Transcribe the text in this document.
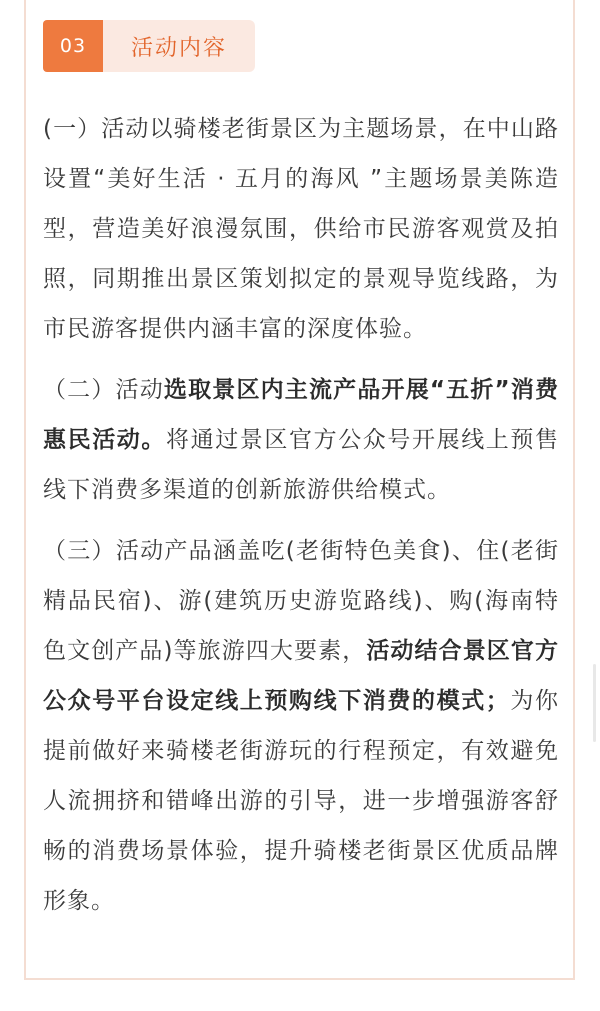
03	活动内容

(一）活动以骑楼老街景区为主题场景，在中山路设置“美好生活 · 五月的海风 ”主题场景美陈造型，营造美好浪漫氛围，供给市民游客观赏及拍照，同期推出景区策划拟定的景观导览线路，为市民游客提供内涵丰富的深度体验。

（二）活动选取景区内主流产品开展“五折”消费惠民活动。将通过景区官方公众号开展线上预售线下消费多渠道的创新旅游供给模式。

（三）活动产品涵盖吃(老街特色美食)、住(老街精品民宿)、游(建筑历史游览路线)、购(海南特色文创产品)等旅游四大要素，活动结合景区官方公众号平台设定线上预购线下消费的模式；为你提前做好来骑楼老街游玩的行程预定，有效避免人流拥挤和错峰出游的引导，进一步增强游客舒畅的消费场景体验，提升骑楼老街景区优质品牌形象。
